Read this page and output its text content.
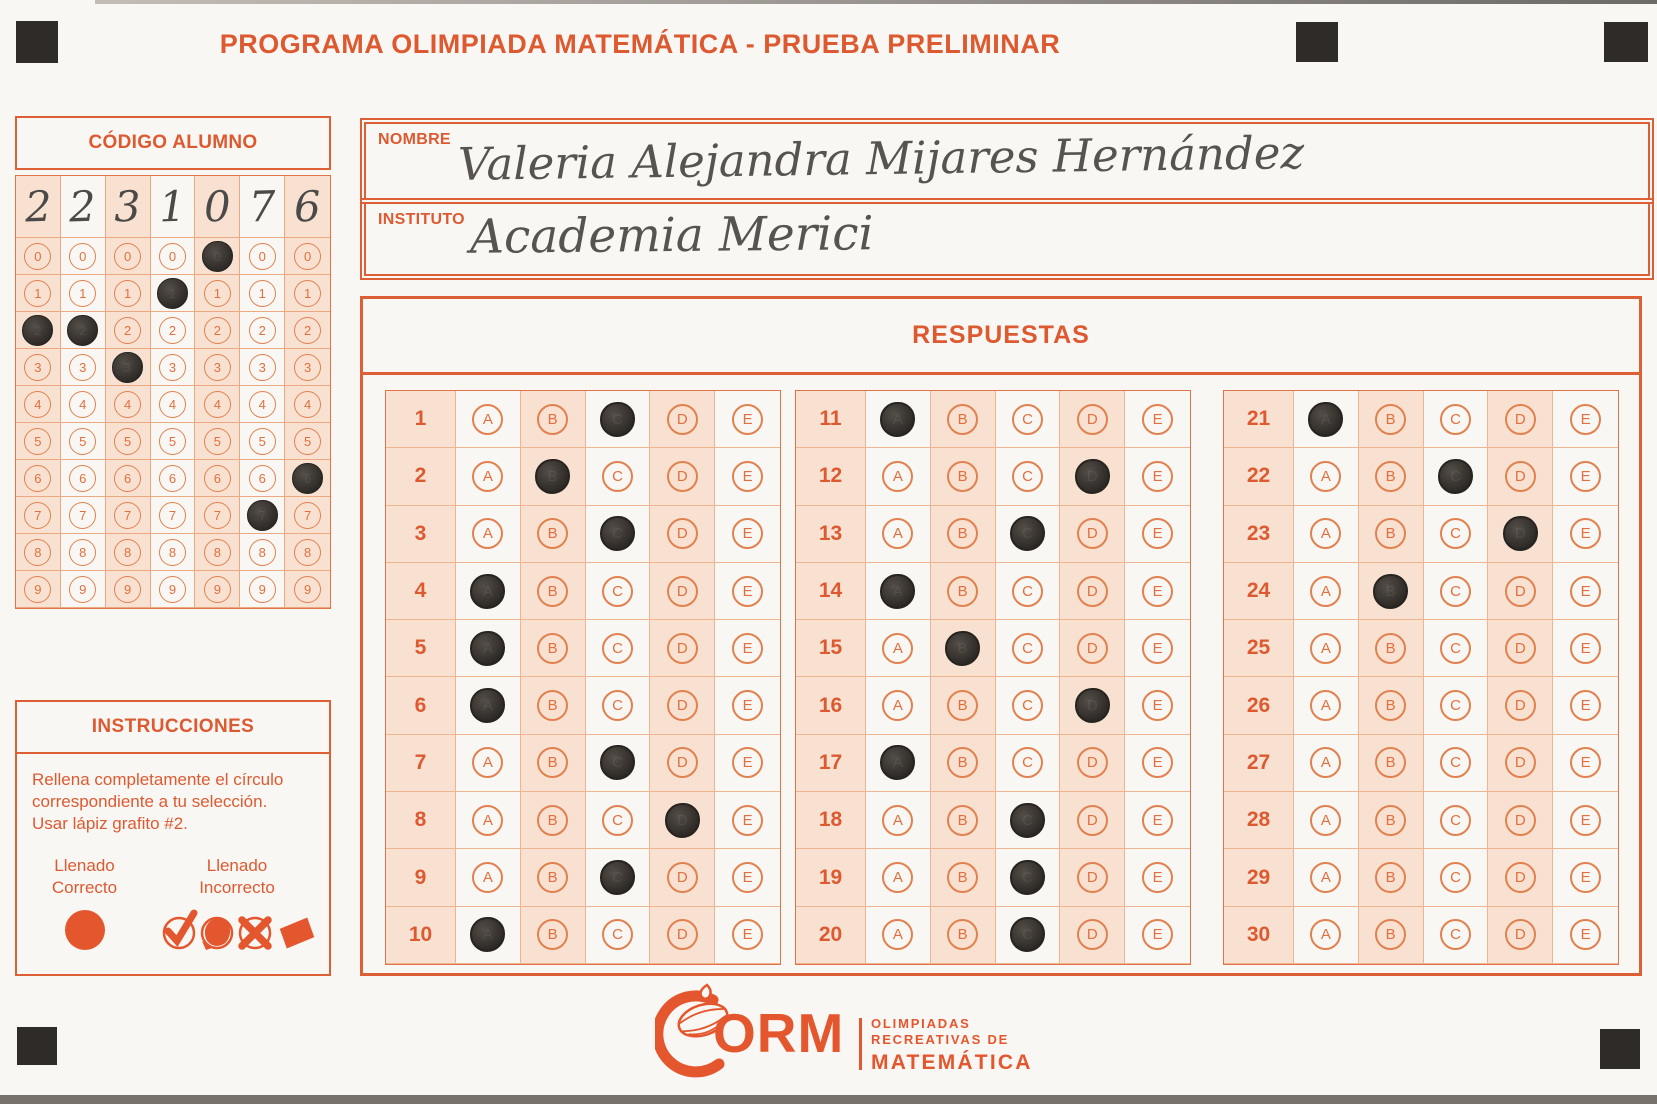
PROGRAMA OLIMPIADA MATEMÁTICA - PRUEBA PRELIMINAR
CÓDIGO ALUMNO
2 2 3 1 0 7 6
0	0	0	0	0	0	0
1	1	1	1	1	1	1
2	2	2	2	2	2	2
3	3	3	3	3	3	3
4	4	4	4	4	4	4
5	5	5	5	5	5	5
6	6	6	6	6	6	6
7	7	7	7	7	7	7
8	8	8	8	8	8	8
9	9	9	9	9	9	9
NOMBRE Valeria Alejandra Mijares Hernández
INSTITUTO Academia Merici
RESPUESTAS
1	A	B	C	D	E
2	A	B	C	D	E
3	A	B	C	D	E
4	A	B	C	D	E
5	A	B	C	D	E
6	A	B	C	D	E
7	A	B	C	D	E
8	A	B	C	D	E
9	A	B	C	D	E
10	A	B	C	D	E
11	A	B	C	D	E
12	A	B	C	D	E
13	A	B	C	D	E
14	A	B	C	D	E
15	A	B	C	D	E
16	A	B	C	D	E
17	A	B	C	D	E
18	A	B	C	D	E
19	A	B	C	D	E
20	A	B	C	D	E
21	A	B	C	D	E
22	A	B	C	D	E
23	A	B	C	D	E
24	A	B	C	D	E
25	A	B	C	D	E
26	A	B	C	D	E
27	A	B	C	D	E
28	A	B	C	D	E
29	A	B	C	D	E
30	A	B	C	D	E
INSTRUCCIONES
Rellena completamente el círculo
correspondiente a tu selección.
Usar lápiz grafito #2.
Llenado
Correcto
Llenado
Incorrecto
ORM OLIMPIADAS
RECREATIVAS DE
MATEMÁTICA
